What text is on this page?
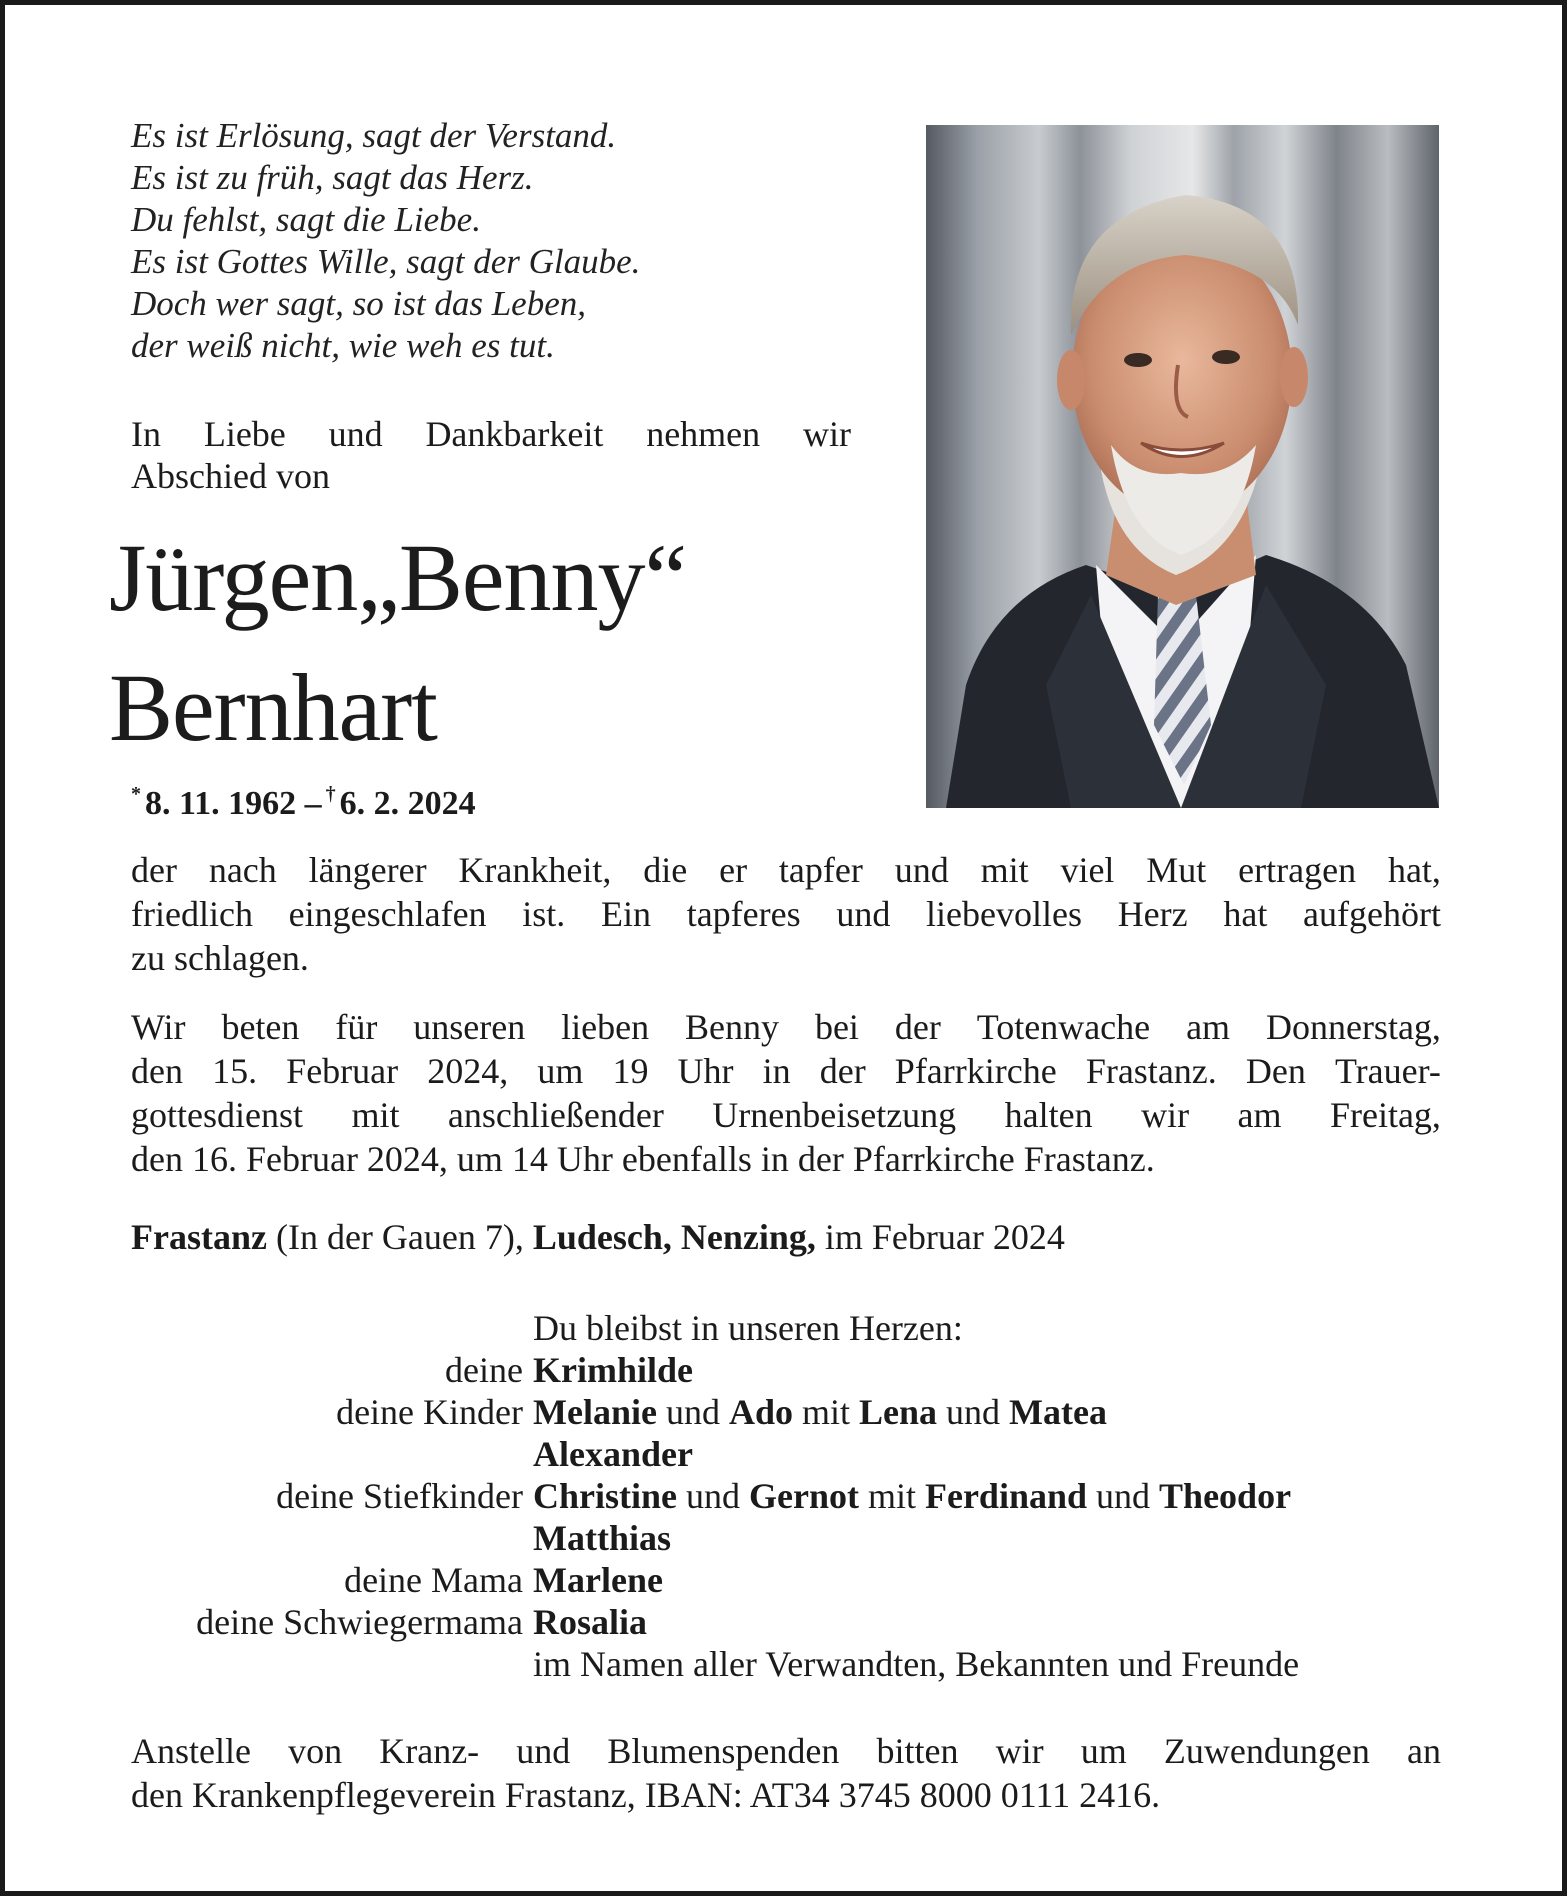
Es ist Erlösung, sagt der Verstand.
Es ist zu früh, sagt das Herz.
Du fehlst, sagt die Liebe.
Es ist Gottes Wille, sagt der Glaube.
Doch wer sagt, so ist das Leben,
der weiß nicht, wie weh es tut.
In Liebe und Dankbarkeit nehmen wir
Abschied von
Jürgen„Benny“
Bernhart
* 8. 11. 1962 – † 6. 2. 2024
der nach längerer Krankheit, die er tapfer und mit viel Mut ertragen hat,
friedlich eingeschlafen ist. Ein tapferes und liebevolles Herz hat aufgehört
zu schlagen.
Wir beten für unseren lieben Benny bei der Totenwache am Donnerstag,
den 15. Februar 2024, um 19 Uhr in der Pfarrkirche Frastanz. Den Trauer-
gottesdienst mit anschließender Urnenbeisetzung halten wir am Freitag,
den 16. Februar 2024, um 14 Uhr ebenfalls in der Pfarrkirche Frastanz.
Frastanz (In der Gauen 7), Ludesch, Nenzing, im Februar 2024
Du bleibst in unseren Herzen:
deine Krimhilde
deine Kinder Melanie und Ado mit Lena und Matea
Alexander
deine Stiefkinder Christine und Gernot mit Ferdinand und Theodor
Matthias
deine Mama Marlene
deine Schwiegermama Rosalia
im Namen aller Verwandten, Bekannten und Freunde
Anstelle von Kranz- und Blumenspenden bitten wir um Zuwendungen an
den Krankenpflegeverein Frastanz, IBAN: AT34 3745 8000 0111 2416.
